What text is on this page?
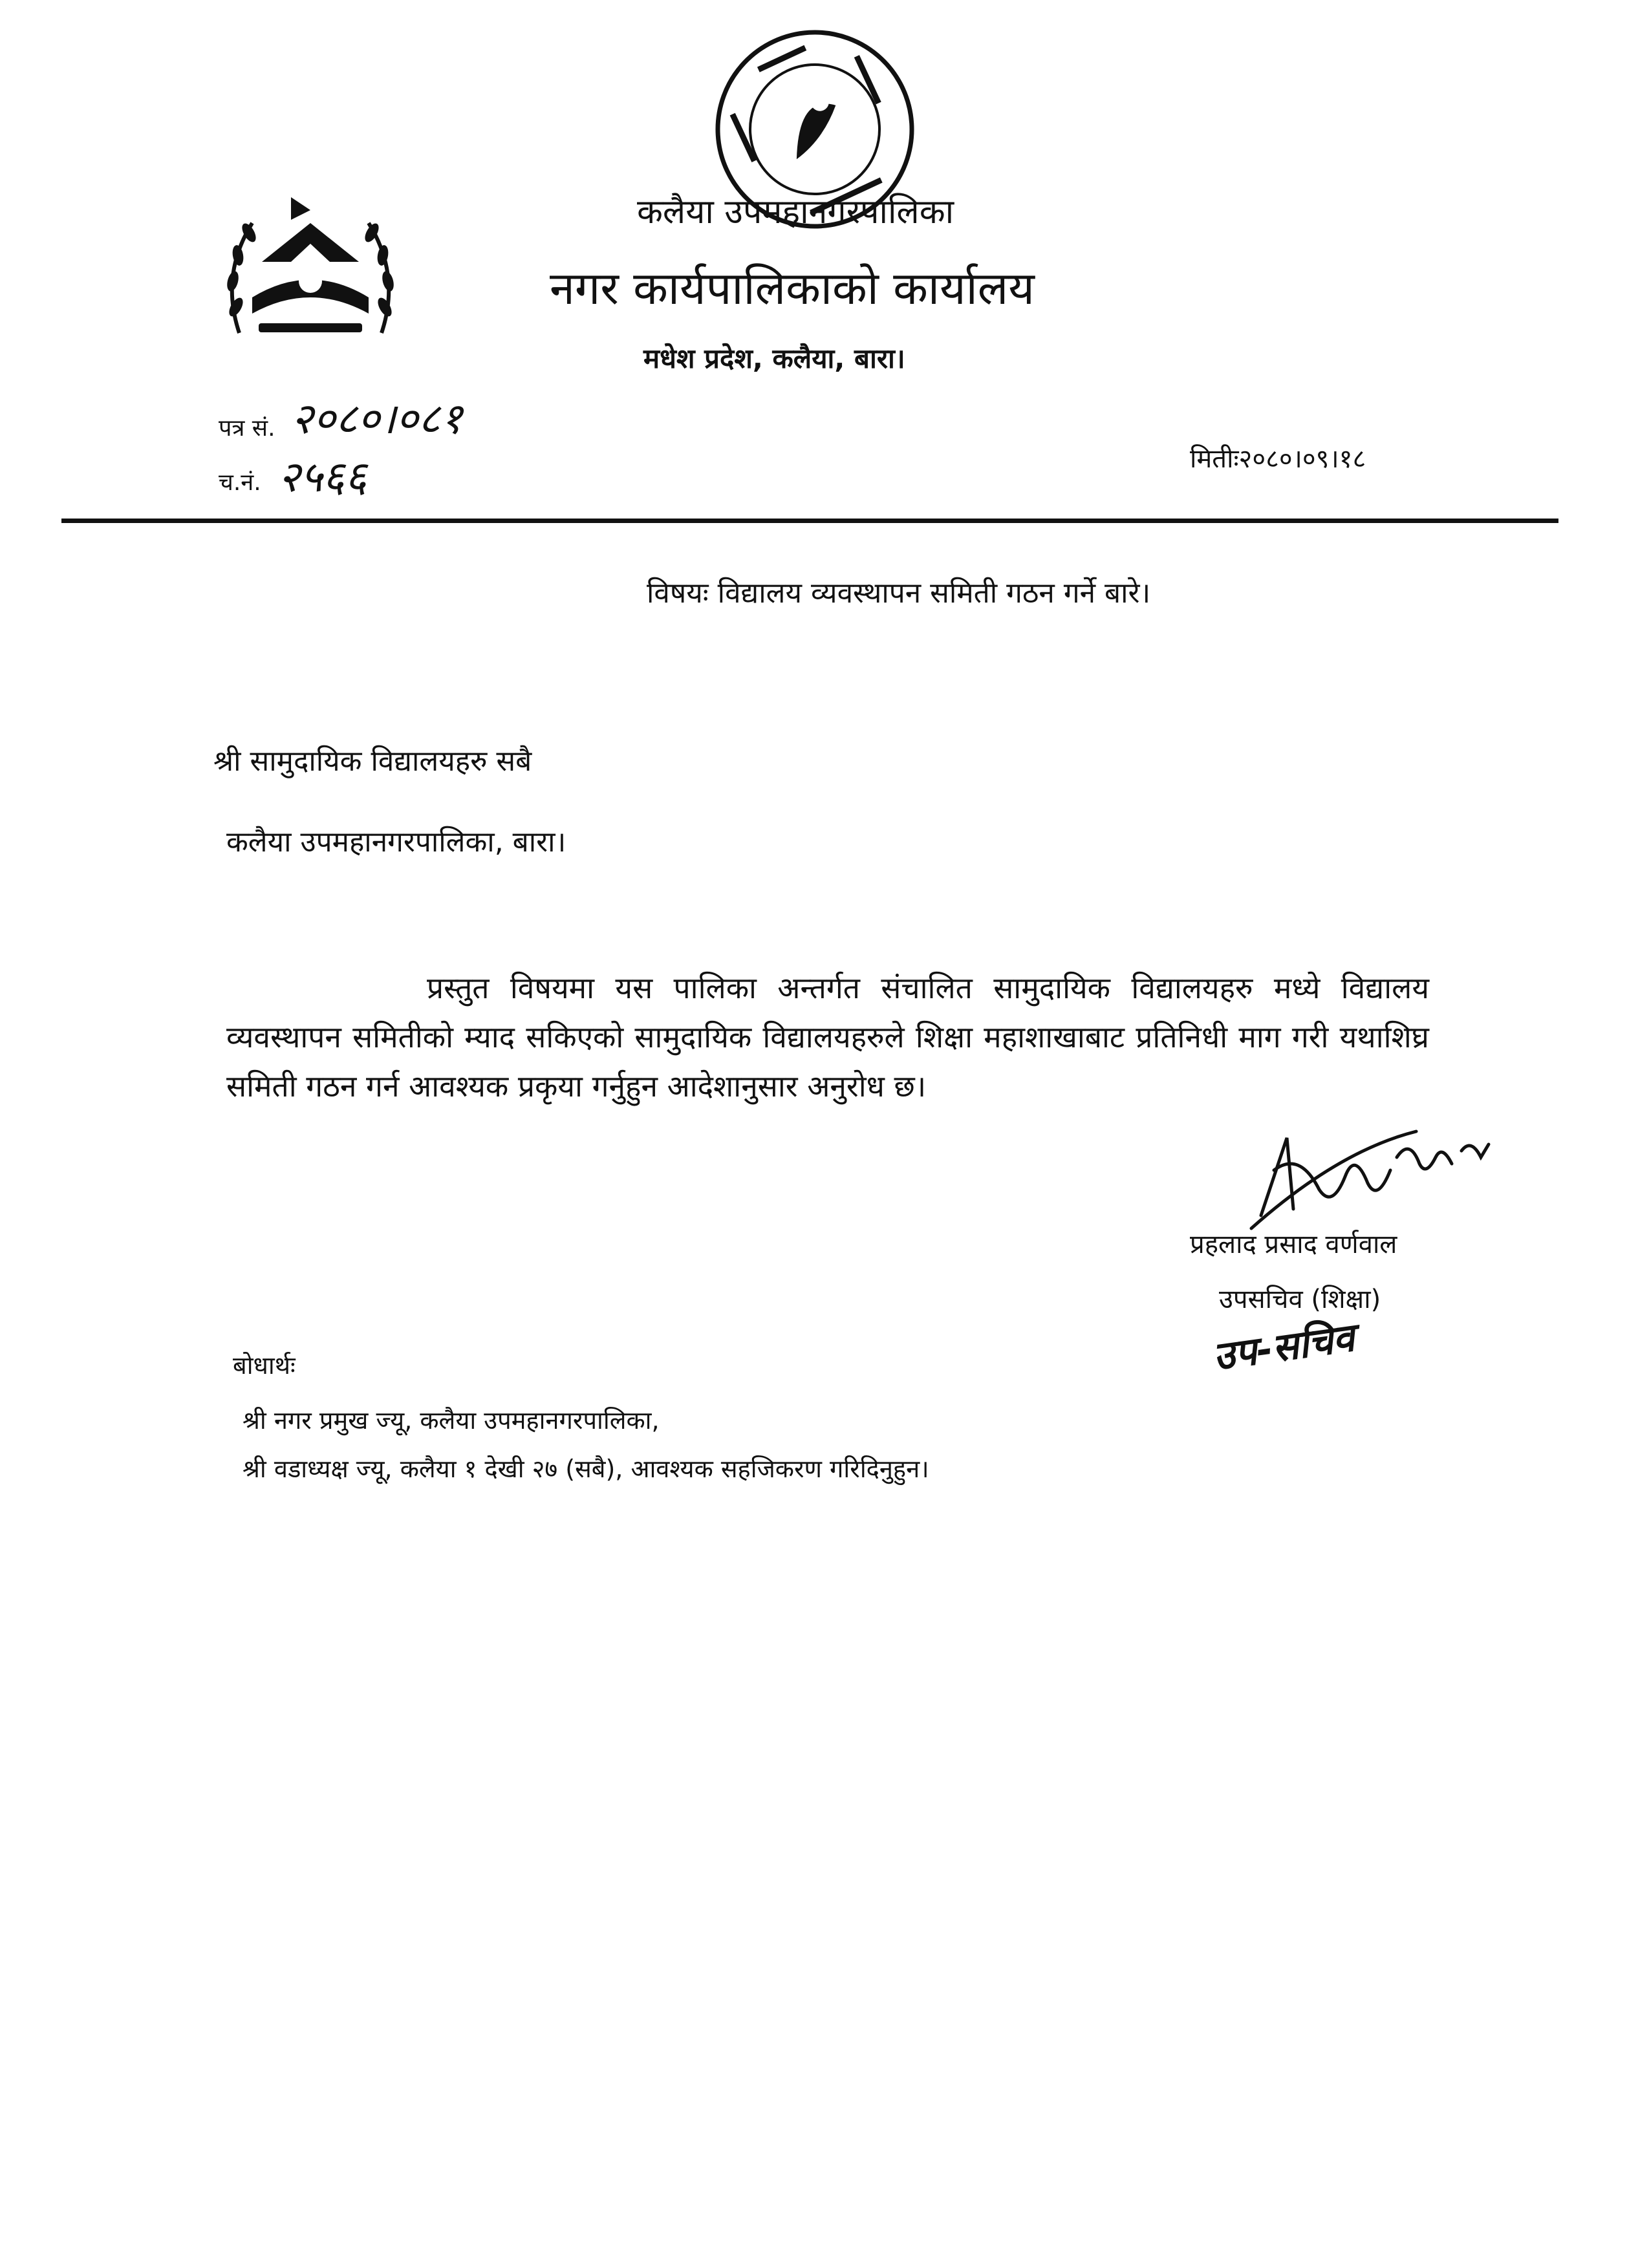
कलैया उपमहानगरपालिका
नगर कार्यपालिकाको कार्यालय
मधेश प्रदेश, कलैया, बारा।
पत्र सं. २०८०।०८१
च.नं. २५६६	मितीः२०८०।०९।१८
विषयः विद्यालय व्यवस्थापन समिती गठन गर्ने बारे।
श्री सामुदायिक विद्यालयहरु सबै
कलैया उपमहानगरपालिका, बारा।
प्रस्तुत विषयमा यस पालिका अन्तर्गत संचालित सामुदायिक विद्यालयहरु मध्ये विद्यालय व्यवस्थापन समितीको म्याद सकिएको सामुदायिक विद्यालयहरुले शिक्षा महाशाखाबाट प्रतिनिधी माग गरी यथाशिघ्र समिती गठन गर्न आवश्यक प्रकृया गर्नुहुन आदेशानुसार अनुरोध छ।
प्रहलाद प्रसाद वर्णवाल
उपसचिव (शिक्षा)
उप-सचिव
बोधार्थः
श्री नगर प्रमुख ज्यू, कलैया उपमहानगरपालिका,
श्री वडाध्यक्ष ज्यू, कलैया १ देखी २७ (सबै), आवश्यक सहजिकरण गरिदिनुहुन।
